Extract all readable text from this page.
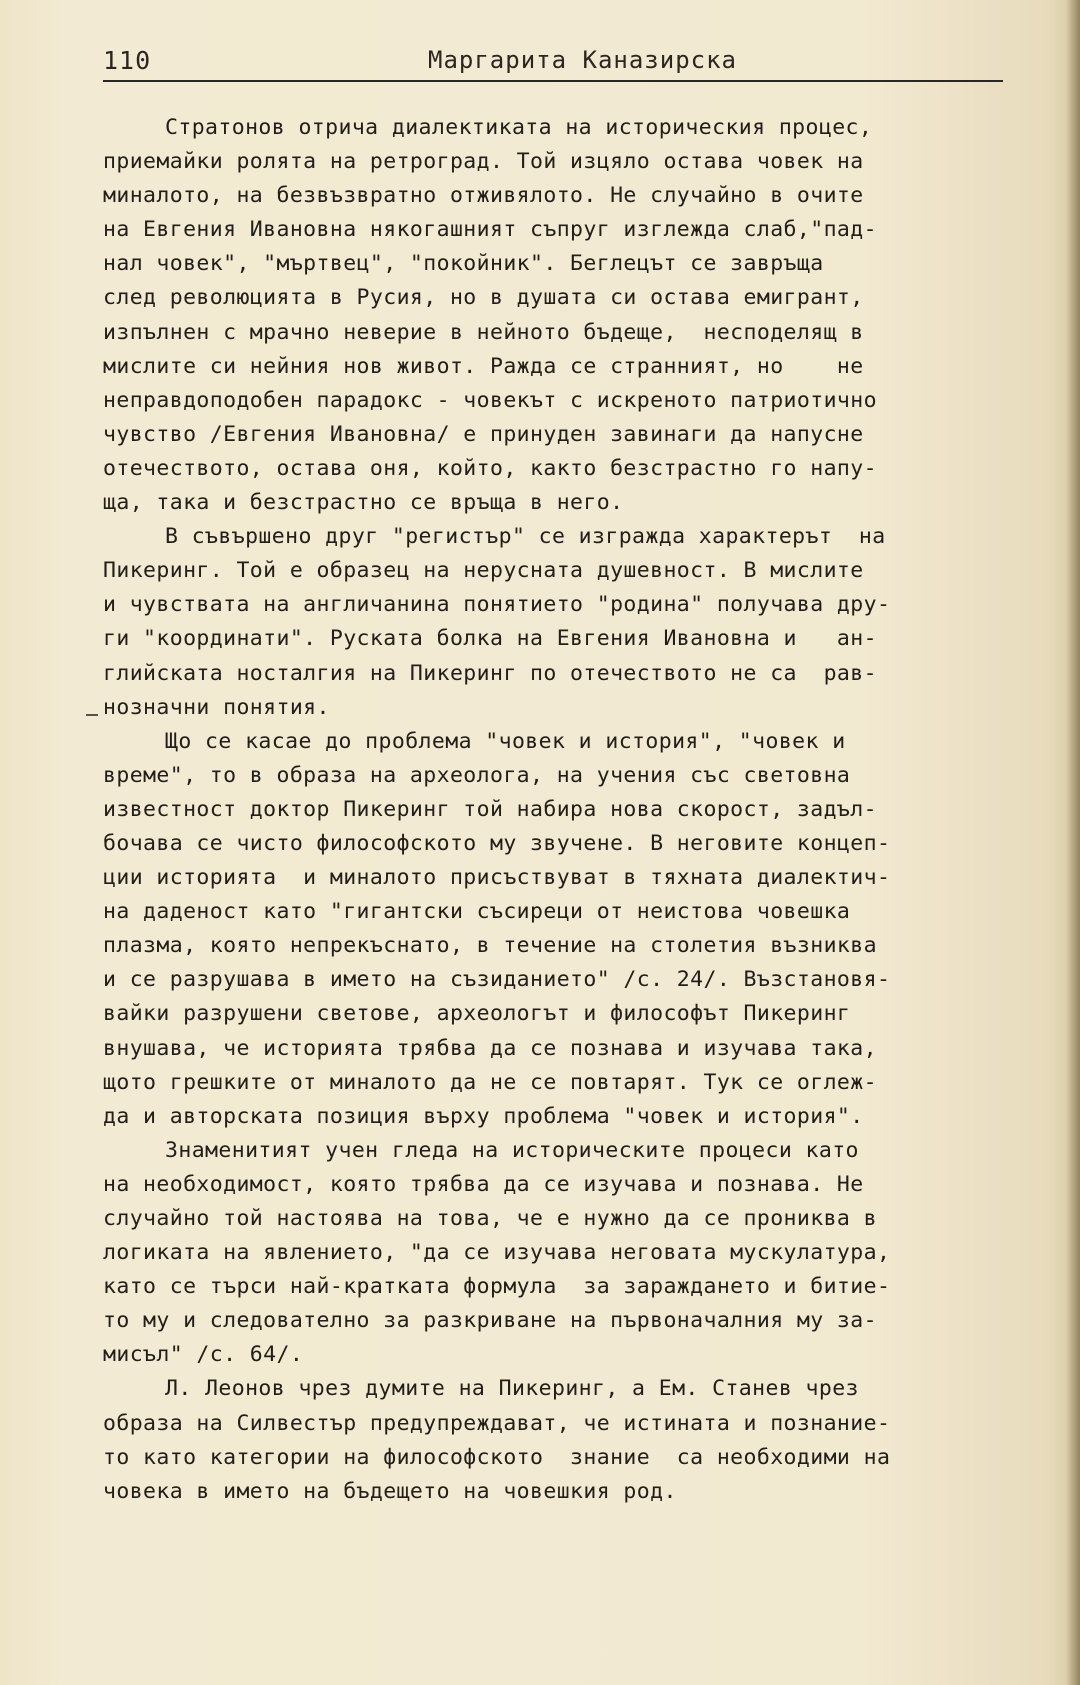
110	Маргарита Каназирска
Стратонов отрича диалектиката на историческия процес,
приемайки ролята на ретроград. Той изцяло остава човек на
миналото, на безвъзвратно отживялото. Не случайно в очите
на Евгения Ивановна някогашният съпруг изглежда слаб,"пад-
нал човек", "мъртвец", "покойник". Беглецът се завръща
след революцията в Русия, но в душата си остава емигрант,
изпълнен с мрачно неверие в нейното бъдеще,  несподелящ в
мислите си нейния нов живот. Ражда се странният, но    не
неправдоподобен парадокс - човекът с искреното патриотично
чувство /Евгения Ивановна/ е принуден завинаги да напусне
отечеството, остава оня, който, както безстрастно го напу-
ща, така и безстрастно се връща в него.
В съвършено друг "регистър" се изгражда характерът  на
Пикеринг. Той е образец на нерусната душевност. В мислите
и чувствата на англичанина понятието "родина" получава дру-
ги "координати". Руската болка на Евгения Ивановна и   ан-
глийската носталгия на Пикеринг по отечеството не са  рав-
нозначни понятия.
Що се касае до проблема "човек и история", "човек и
време", то в образа на археолога, на учения със световна
известност доктор Пикеринг той набира нова скорост, задъл-
бочава се чисто философското му звучене. В неговите концеп-
ции историята  и миналото присъствуват в тяхната диалектич-
на даденост като "гигантски съсиреци от неистова човешка
плазма, която непрекъснато, в течение на столетия възниква
и се разрушава в името на съзиданието" /с. 24/. Възстановя-
вайки разрушени светове, археологът и философът Пикеринг
внушава, че историята трябва да се познава и изучава така,
щото грешките от миналото да не се повтарят. Тук се оглеж-
да и авторската позиция върху проблема "човек и история".
Знаменитият учен гледа на историческите процеси като
на необходимост, която трябва да се изучава и познава. Не
случайно той настоява на това, че е нужно да се прониква в
логиката на явлението, "да се изучава неговата мускулатура,
като се търси най-кратката формула  за зараждането и битие-
то му и следователно за разкриване на първоначалния му за-
мисъл" /с. 64/.
Л. Леонов чрез думите на Пикеринг, а Ем. Станев чрез
образа на Силвестър предупреждават, че истината и познание-
то като категории на философското  знание  са необходими на
човека в името на бъдещето на човешкия род.
